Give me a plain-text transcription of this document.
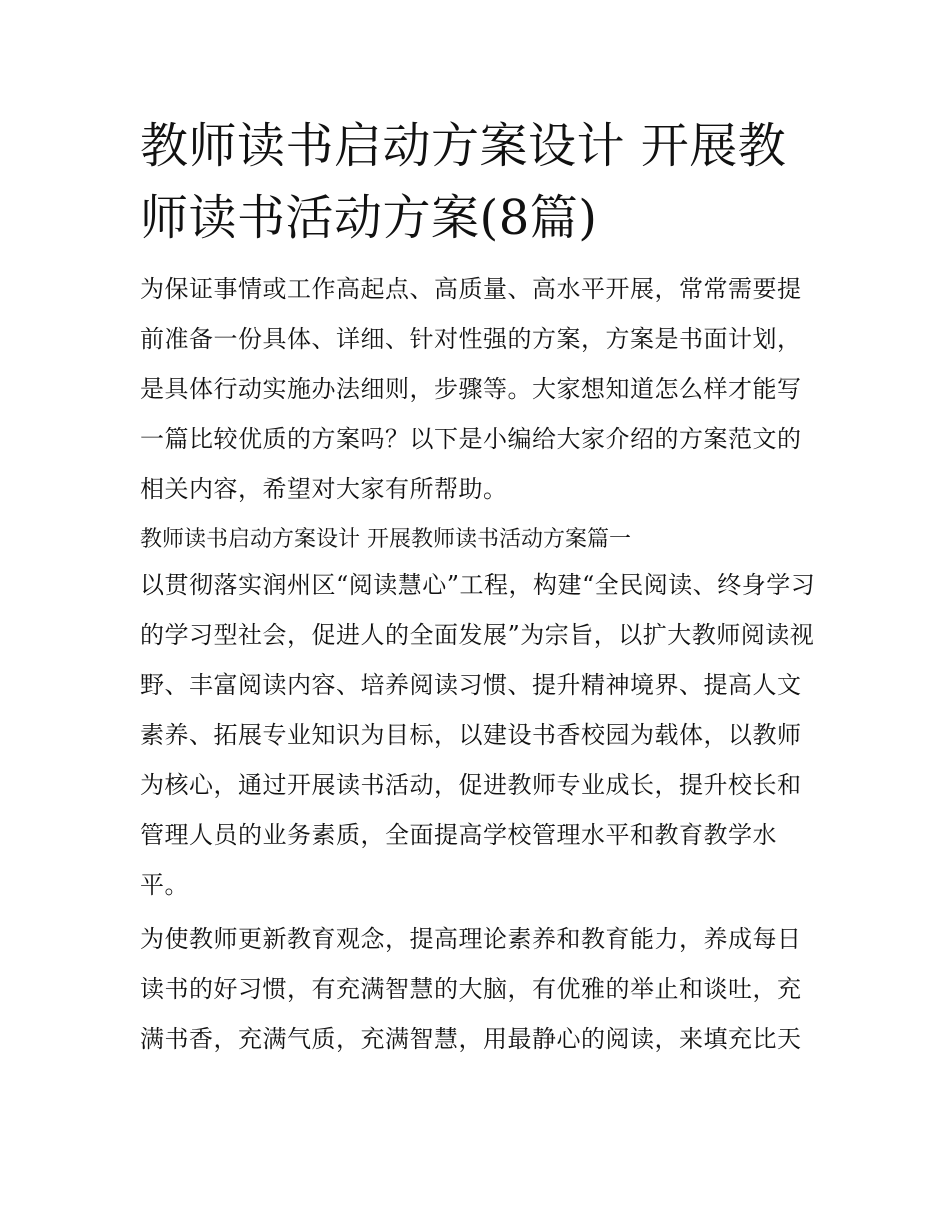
教师读书启动方案设计 开展教师读书活动方案(8篇)

为保证事情或工作高起点、高质量、高水平开展，常常需要提前准备一份具体、详细、针对性强的方案，方案是书面计划，是具体行动实施办法细则，步骤等。大家想知道怎么样才能写一篇比较优质的方案吗？以下是小编给大家介绍的方案范文的相关内容，希望对大家有所帮助。

教师读书启动方案设计 开展教师读书活动方案篇一

以贯彻落实润州区“阅读慧心”工程，构建“全民阅读、终身学习的学习型社会，促进人的全面发展”为宗旨，以扩大教师阅读视野、丰富阅读内容、培养阅读习惯、提升精神境界、提高人文素养、拓展专业知识为目标，以建设书香校园为载体，以教师为核心，通过开展读书活动，促进教师专业成长，提升校长和管理人员的业务素质，全面提高学校管理水平和教育教学水平。

为使教师更新教育观念，提高理论素养和教育能力，养成每日读书的好习惯，有充满智慧的大脑，有优雅的举止和谈吐，充满书香，充满气质，充满智慧，用最静心的阅读，来填充比天
